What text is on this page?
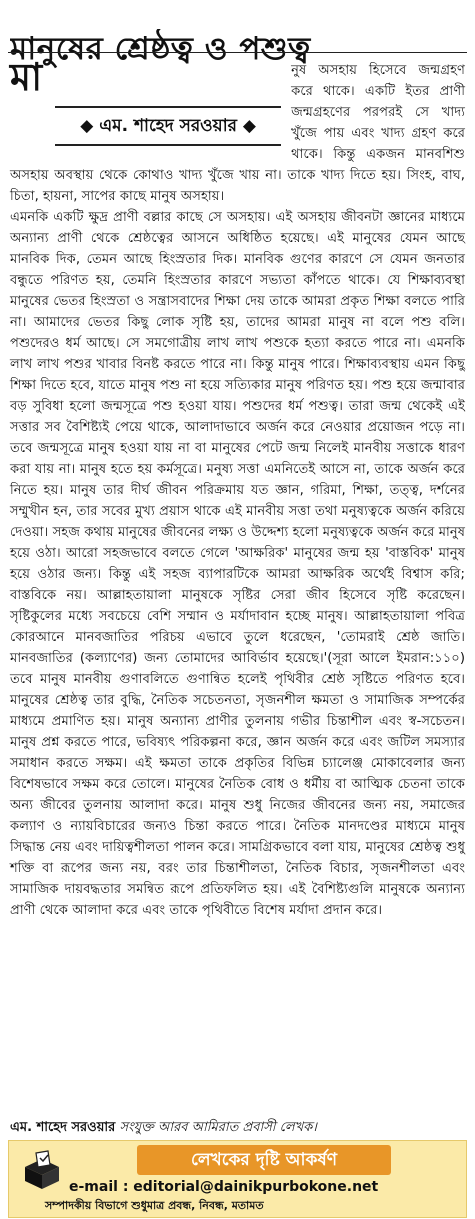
মানুষের শ্রেষ্ঠত্ব ও পশুত্ব

মা
◆ এম. শাহেদ সরওয়ার ◆
নুষ অসহায় হিসেবে জন্মগ্রহণ করে থাকে। একটি ইতর প্রাণী জন্মগ্রহণের পরপরই সে খাদ্য খুঁজে পায় এবং খাদ্য গ্রহণ করে থাকে। কিন্তু একজন মানবশিশু অসহায় অবস্থায় থেকে কোথাও খাদ্য খুঁজে খায় না। তাকে খাদ্য দিতে হয়। সিংহ, বাঘ, চিতা, হায়না, সাপের কাছে মানুষ অসহায়।

এমনকি একটি ক্ষুদ্র প্রাণী বল্লার কাছে সে অসহায়। এই অসহায় জীবনটা জ্ঞানের মাধ্যমে অন্যান্য প্রাণী থেকে শ্রেষ্ঠত্বের আসনে অধিষ্ঠিত হয়েছে। এই মানুষের যেমন আছে মানবিক দিক, তেমন আছে হিংস্রতার দিক। মানবিক গুণের কারণে সে যেমন জনতার বন্ধুতে পরিণত হয়, তেমনি হিংস্রতার কারণে সভ্যতা কাঁপতে থাকে। যে শিক্ষাব্যবস্থা মানুষের ভেতর হিংস্রতা ও সন্ত্রাসবাদের শিক্ষা দেয় তাকে আমরা প্রকৃত শিক্ষা বলতে পারি না। আমাদের ভেতর কিছু লোক সৃষ্টি হয়, তাদের আমরা মানুষ না বলে পশু বলি। পশুদেরও ধর্ম আছে। সে সমগোত্রীয় লাখ লাখ পশুকে হত্যা করতে পারে না। এমনকি লাখ লাখ পশুর খাবার বিনষ্ট করতে পারে না। কিন্তু মানুষ পারে। শিক্ষাব্যবস্থায় এমন কিছু শিক্ষা দিতে হবে, যাতে মানুষ পশু না হয়ে সত্যিকার মানুষ পরিণত হয়। পশু হয়ে জন্মাবার বড় সুবিধা হলো জন্মসূত্রে পশু হওয়া যায়। পশুদের ধর্ম পশুত্ব। তারা জন্ম থেকেই এই সত্তার সব বৈশিষ্ট্যই পেয়ে থাকে, আলাদাভাবে অর্জন করে নেওয়ার প্রয়োজন পড়ে না। তবে জন্মসূত্রে মানুষ হওয়া যায় না বা মানুষের পেটে জন্ম নিলেই মানবীয় সত্তাকে ধারণ করা যায় না। মানুষ হতে হয় কর্মসূত্রে। মনুষ্য সত্তা এমনিতেই আসে না, তাকে অর্জন করে নিতে হয়। মানুষ তার দীর্ঘ জীবন পরিক্রমায় যত জ্ঞান, গরিমা, শিক্ষা, তত্ত্ব, দর্শনের সম্মুখীন হন, তার সবের মুখ্য প্রয়াস থাকে এই মানবীয় সত্তা তথা মনুষ্যত্বকে অর্জন করিয়ে দেওয়া। সহজ কথায় মানুষের জীবনের লক্ষ্য ও উদ্দেশ্য হলো মনুষ্যত্বকে অর্জন করে মানুষ হয়ে ওঠা। আরো সহজভাবে বলতে গেলে 'আক্ষরিক' মানুষের জন্ম হয় 'বাস্তবিক' মানুষ হয়ে ওঠার জন্য। কিন্তু এই সহজ ব্যাপারটিকে আমরা আক্ষরিক অর্থেই বিশ্বাস করি; বাস্তবিকে নয়। আল্লাহতায়ালা মানুষকে সৃষ্টির সেরা জীব হিসেবে সৃষ্টি করেছেন। সৃষ্টিকুলের মধ্যে সবচেয়ে বেশি সম্মান ও মর্যাদাবান হচ্ছে মানুষ। আল্লাহতায়ালা পবিত্র কোরআনে মানবজাতির পরিচয় এভাবে তুলে ধরেছেন, 'তোমরাই শ্রেষ্ঠ জাতি। মানবজাতির (কল্যাণের) জন্য তোমাদের আবির্ভাব হয়েছে।'(সূরা আলে ইমরান:১১০) তবে মানুষ মানবীয় গুণাবলিতে গুণান্বিত হলেই পৃথিবীর শ্রেষ্ঠ সৃষ্টিতে পরিণত হবে। মানুষের শ্রেষ্ঠত্ব তার বুদ্ধি, নৈতিক সচেতনতা, সৃজনশীল ক্ষমতা ও সামাজিক সম্পর্কের মাধ্যমে প্রমাণিত হয়। মানুষ অন্যান্য প্রাণীর তুলনায় গভীর চিন্তাশীল এবং স্ব-সচেতন। মানুষ প্রশ্ন করতে পারে, ভবিষ্যৎ পরিকল্পনা করে, জ্ঞান অর্জন করে এবং জটিল সমস্যার সমাধান করতে সক্ষম। এই ক্ষমতা তাকে প্রকৃতির বিভিন্ন চ্যালেঞ্জ মোকাবেলার জন্য বিশেষভাবে সক্ষম করে তোলে। মানুষের নৈতিক বোধ ও ধর্মীয় বা আত্মিক চেতনা তাকে অন্য জীবের তুলনায় আলাদা করে। মানুষ শুধু নিজের জীবনের জন্য নয়, সমাজের কল্যাণ ও ন্যায়বিচারের জন্যও চিন্তা করতে পারে। নৈতিক মানদণ্ডের মাধ্যমে মানুষ সিদ্ধান্ত নেয় এবং দায়িত্বশীলতা পালন করে। সামগ্রিকভাবে বলা যায়, মানুষের শ্রেষ্ঠত্ব শুধু শক্তি বা রূপের জন্য নয়, বরং তার চিন্তাশীলতা, নৈতিক বিচার, সৃজনশীলতা এবং সামাজিক দায়বদ্ধতার সমন্বিত রূপে প্রতিফলিত হয়। এই বৈশিষ্ট্যগুলি মানুষকে অন্যান্য প্রাণী থেকে আলাদা করে এবং তাকে পৃথিবীতে বিশেষ মর্যাদা প্রদান করে।

এম. শাহেদ সরওয়ার সংযুক্ত আরব আমিরাত প্রবাসী লেখক।
লেখকের দৃষ্টি আকর্ষণ
e-mail : editorial@dainikpurbokone.net
সম্পাদকীয় বিভাগে শুধুমাত্র প্রবন্ধ, নিবন্ধ, মতামত
